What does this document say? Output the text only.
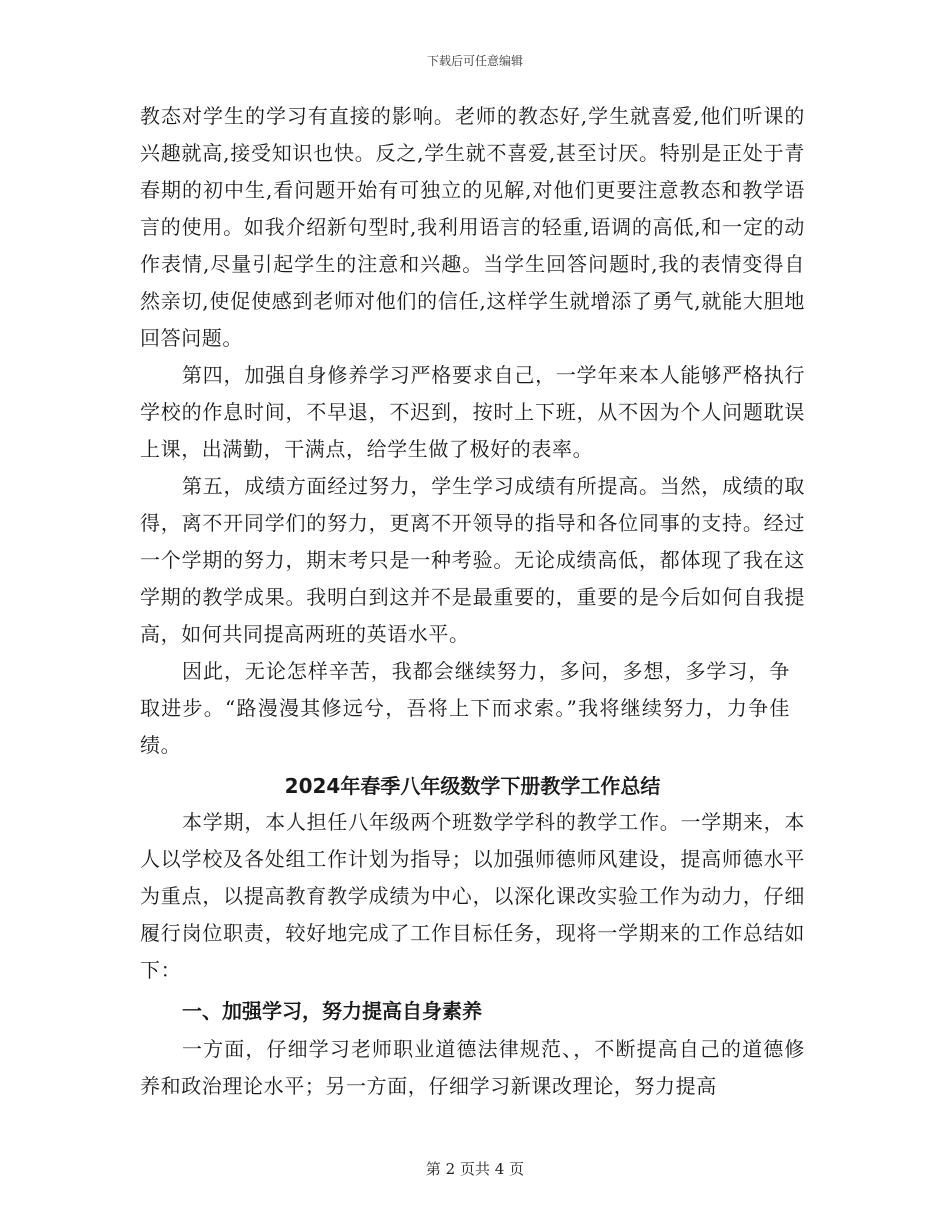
下载后可任意编辑

教态对学生的学习有直接的影响。老师的教态好,学生就喜爱,他们听课的兴趣就高,接受知识也快。反之,学生就不喜爱,甚至讨厌。特别是正处于青春期的初中生,看问题开始有可独立的见解,对他们更要注意教态和教学语言的使用。如我介绍新句型时,我利用语言的轻重,语调的高低,和一定的动作表情,尽量引起学生的注意和兴趣。当学生回答问题时,我的表情变得自然亲切,使促使感到老师对他们的信任,这样学生就增添了勇气,就能大胆地回答问题。

第四，加强自身修养学习严格要求自己，一学年来本人能够严格执行学校的作息时间，不早退，不迟到，按时上下班，从不因为个人问题耽误上课，出满勤，干满点，给学生做了极好的表率。

第五，成绩方面经过努力，学生学习成绩有所提高。当然，成绩的取得，离不开同学们的努力，更离不开领导的指导和各位同事的支持。经过一个学期的努力，期末考只是一种考验。无论成绩高低，都体现了我在这学期的教学成果。我明白到这并不是最重要的，重要的是今后如何自我提高，如何共同提高两班的英语水平。

因此，无论怎样辛苦，我都会继续努力，多问，多想，多学习，争取进步。“路漫漫其修远兮，吾将上下而求索。”我将继续努力，力争佳绩。

2024年春季八年级数学下册教学工作总结

本学期，本人担任八年级两个班数学学科的教学工作。一学期来，本人以学校及各处组工作计划为指导；以加强师德师风建设，提高师德水平为重点，以提高教育教学成绩为中心，以深化课改实验工作为动力，仔细履行岗位职责，较好地完成了工作目标任务，现将一学期来的工作总结如下：

一、加强学习，努力提高自身素养

一方面，仔细学习老师职业道德法律规范、，不断提高自己的道德修养和政治理论水平；另一方面，仔细学习新课改理论，努力提高

第 2 页共 4 页
